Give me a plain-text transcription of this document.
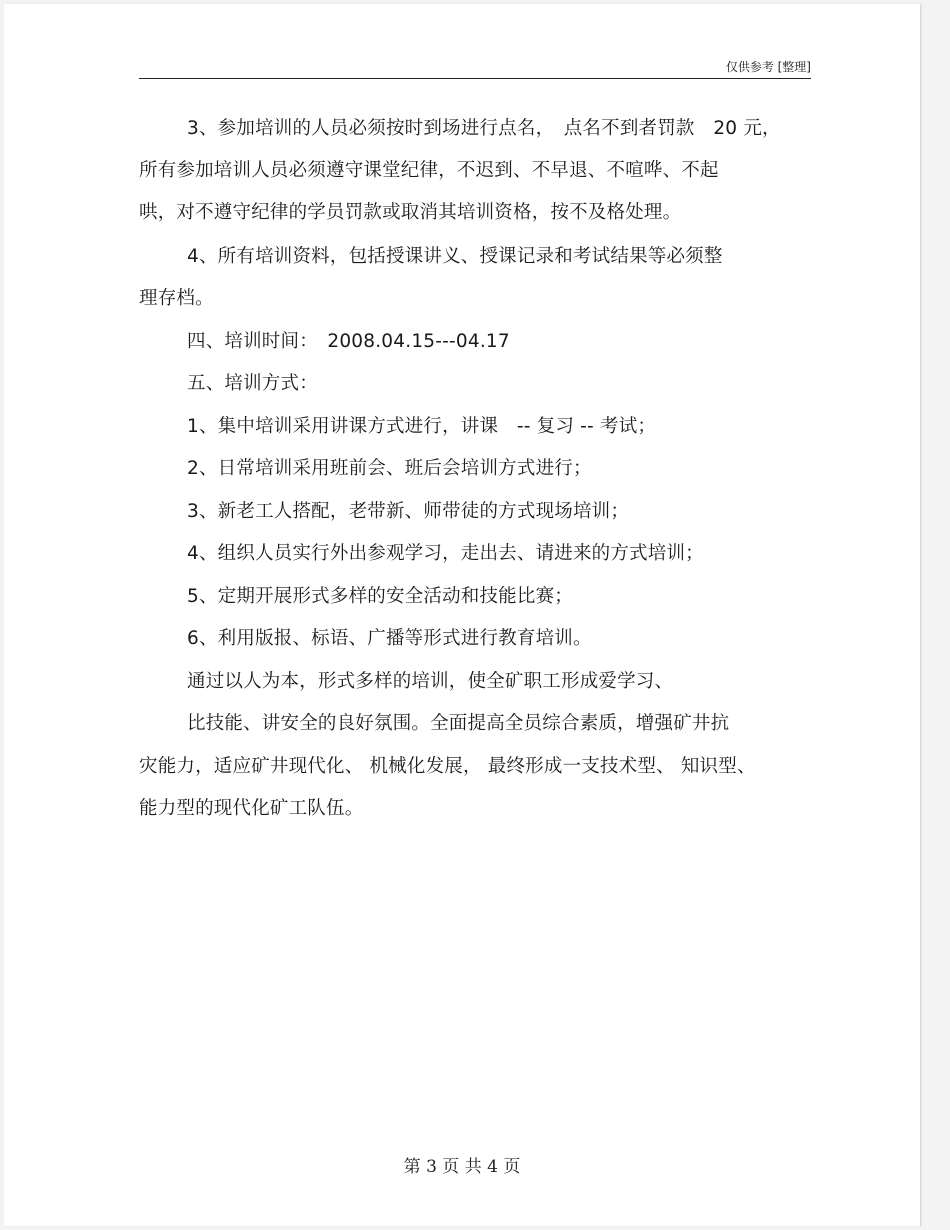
仅供参考 [整理]
3、参加培训的人员必须按时到场进行点名，　点名不到者罚款　20 元，
所有参加培训人员必须遵守课堂纪律，不迟到、不早退、不喧哗、不起
哄，对不遵守纪律的学员罚款或取消其培训资格，按不及格处理。
4、所有培训资料，包括授课讲义、授课记录和考试结果等必须整
理存档。
四、培训时间：　2008.04.15---04.17
五、培训方式：
1、集中培训采用讲课方式进行，讲课　-- 复习 -- 考试；
2、日常培训采用班前会、班后会培训方式进行；
3、新老工人搭配，老带新、师带徒的方式现场培训；
4、组织人员实行外出参观学习，走出去、请进来的方式培训；
5、定期开展形式多样的安全活动和技能比赛；
6、利用版报、标语、广播等形式进行教育培训。
通过以人为本，形式多样的培训，使全矿职工形成爱学习、
比技能、讲安全的良好氛围。全面提高全员综合素质，增强矿井抗
灾能力，适应矿井现代化、 机械化发展， 最终形成一支技术型、 知识型、
能力型的现代化矿工队伍。
第 3 页 共 4 页
